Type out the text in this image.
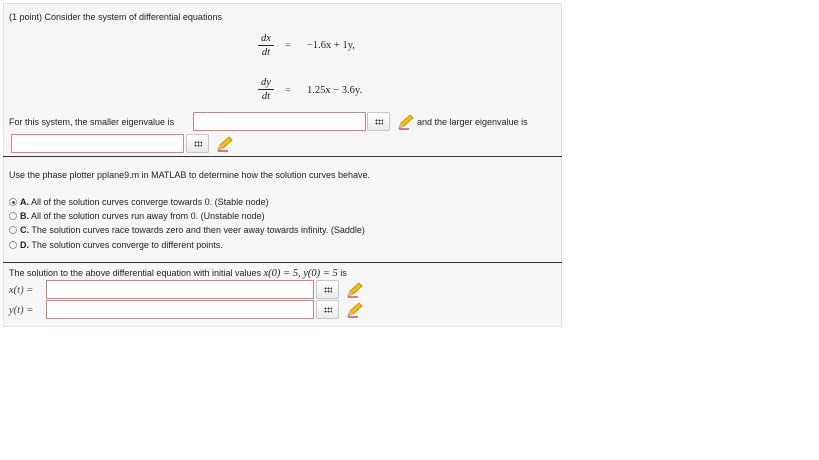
(1 point) Consider the system of differential equations
$\frac{dx}{dt} = -1.6x + 1y$,
$\frac{dy}{dt} = 1.25x - 3.6y$.
For this system, the smaller eigenvalue is	and the larger eigenvalue is
Use the phase plotter pplane9.m in MATLAB to determine how the solution curves behave.
A. All of the solution curves converge towards 0. (Stable node)
B. All of the solution curves run away from 0. (Unstable node)
C. The solution curves race towards zero and then veer away towards infinity. (Saddle)
D. The solution curves converge to different points.
The solution to the above differential equation with initial values x(0) = 5, y(0) = 5 is
x(t) =
y(t) =
